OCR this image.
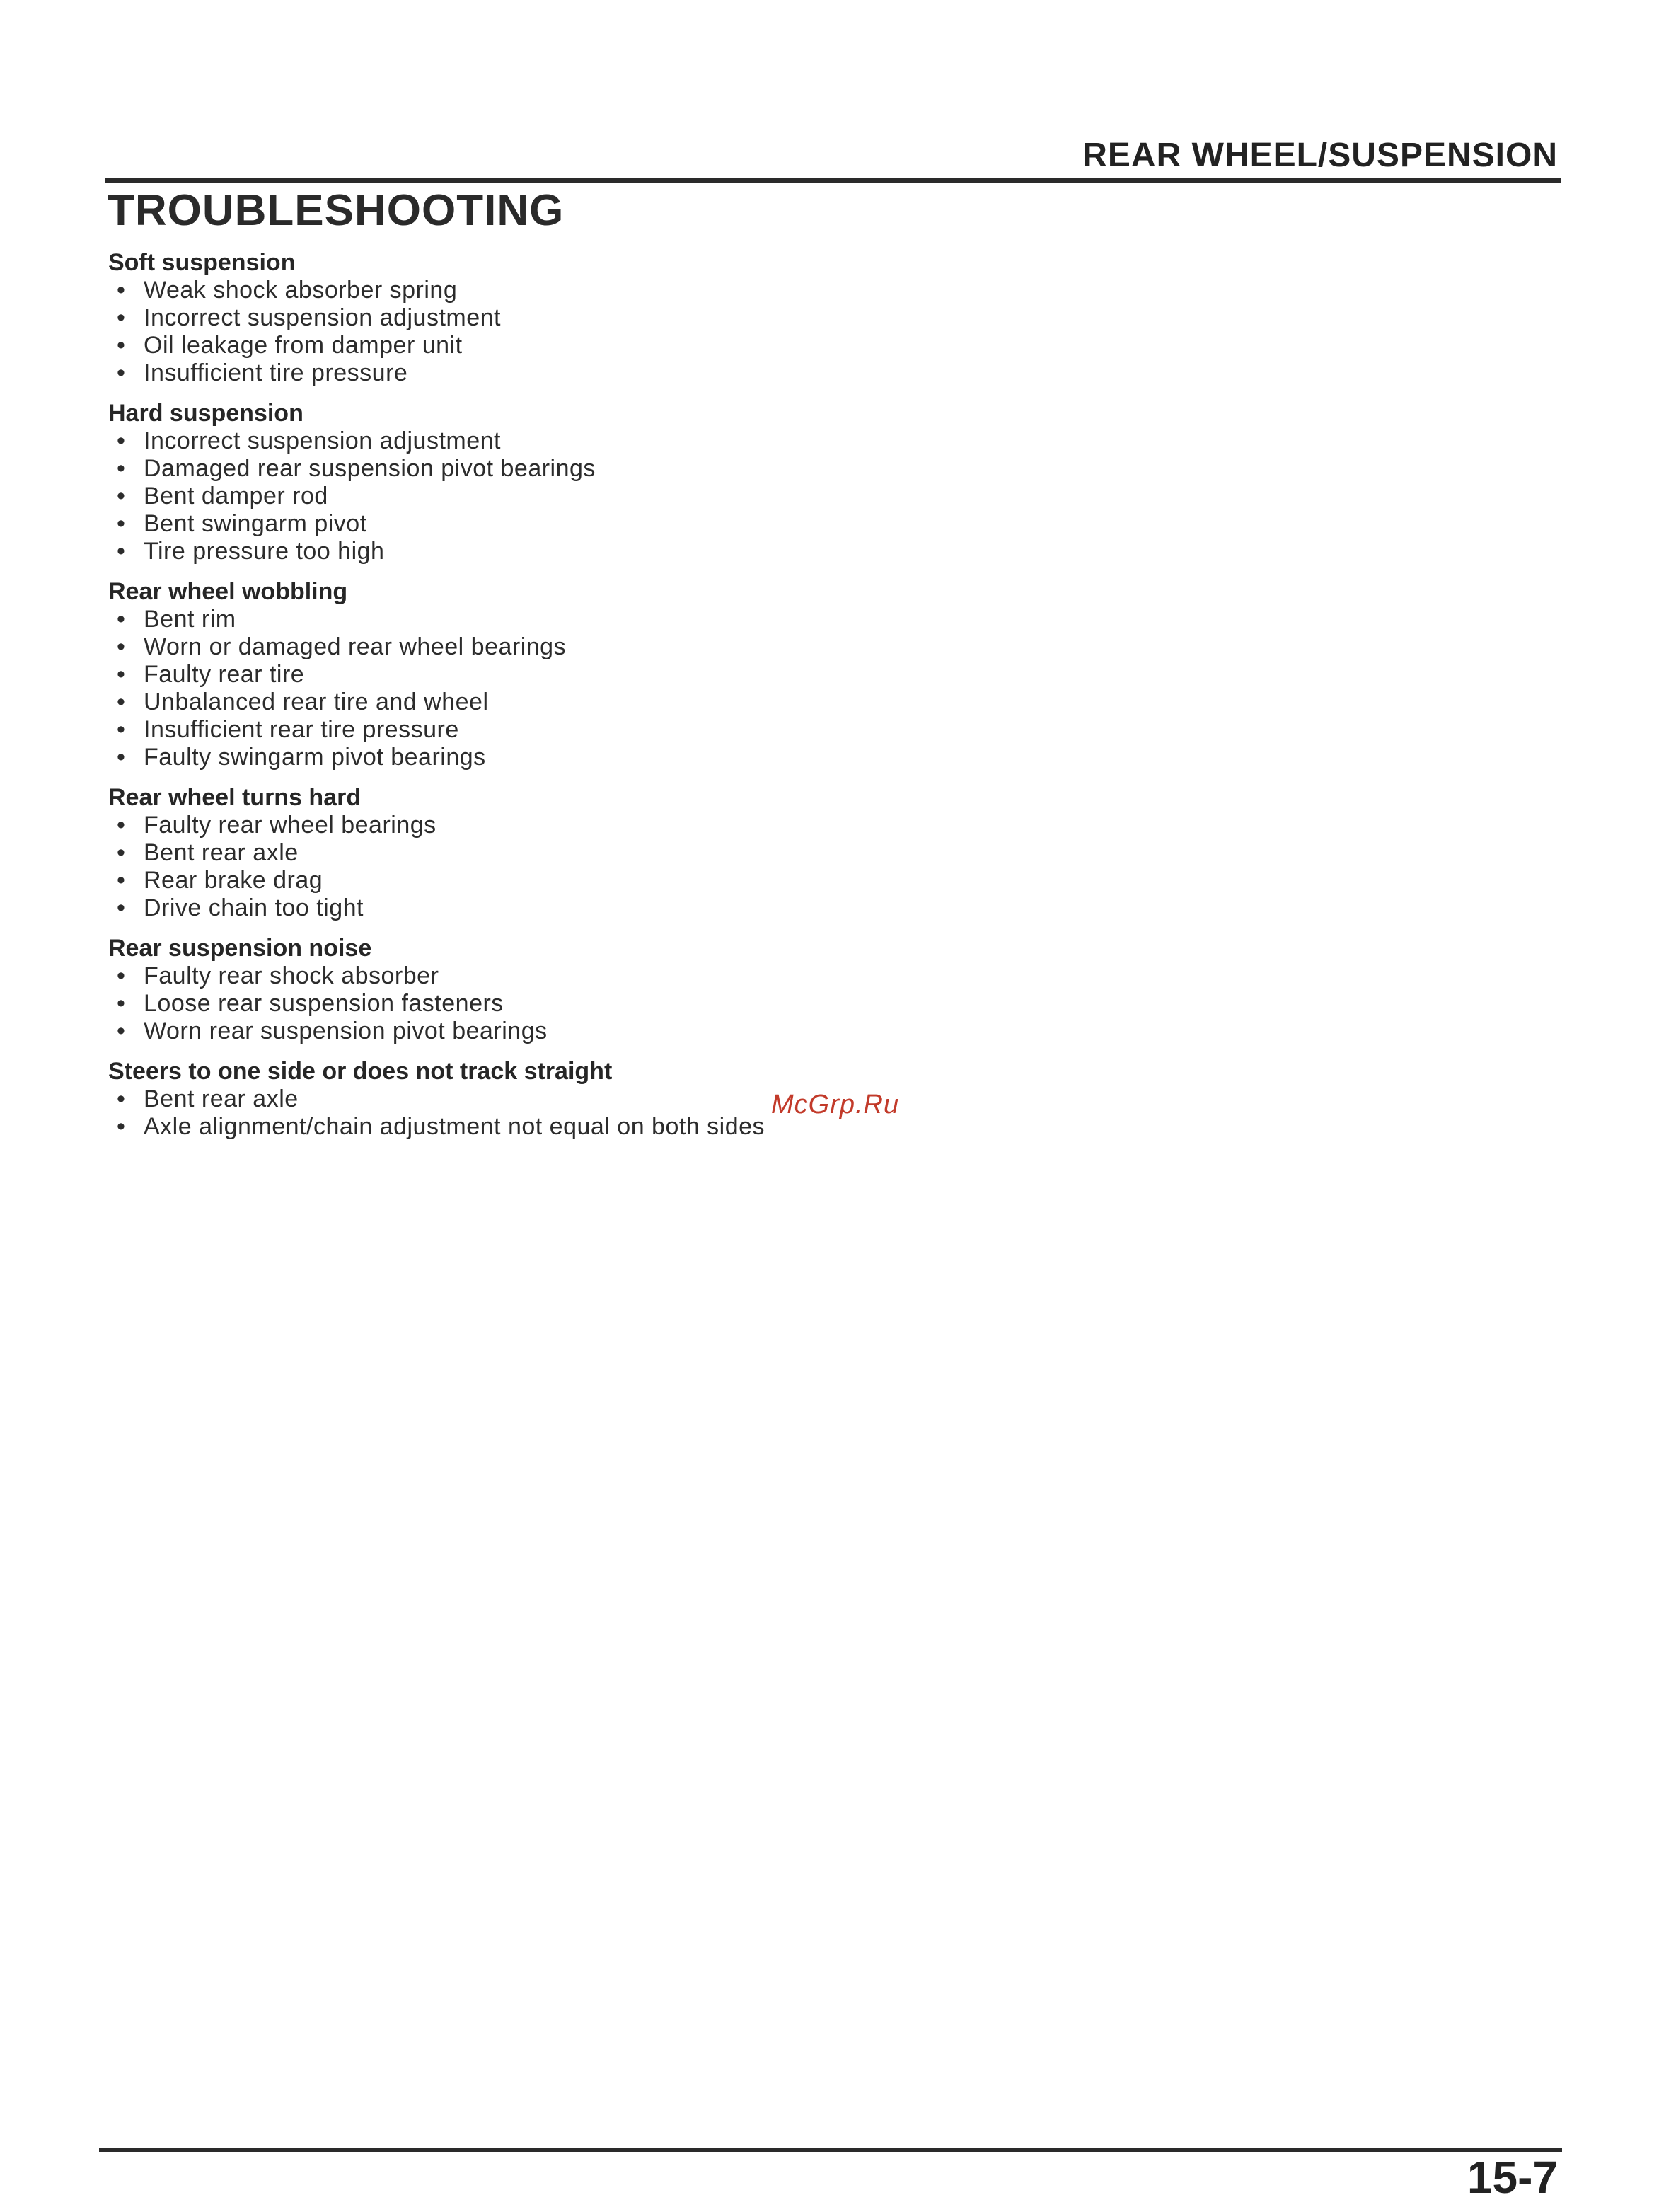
REAR WHEEL/SUSPENSION
TROUBLESHOOTING
Soft suspension
• Weak shock absorber spring
• Incorrect suspension adjustment
• Oil leakage from damper unit
• Insufficient tire pressure
Hard suspension
• Incorrect suspension adjustment
• Damaged rear suspension pivot bearings
• Bent damper rod
• Bent swingarm pivot
• Tire pressure too high
Rear wheel wobbling
• Bent rim
• Worn or damaged rear wheel bearings
• Faulty rear tire
• Unbalanced rear tire and wheel
• Insufficient rear tire pressure
• Faulty swingarm pivot bearings
Rear wheel turns hard
• Faulty rear wheel bearings
• Bent rear axle
• Rear brake drag
• Drive chain too tight
Rear suspension noise
• Faulty rear shock absorber
• Loose rear suspension fasteners
• Worn rear suspension pivot bearings
Steers to one side or does not track straight
• Bent rear axle
• Axle alignment/chain adjustment not equal on both sides
McGrp.Ru
15-7
